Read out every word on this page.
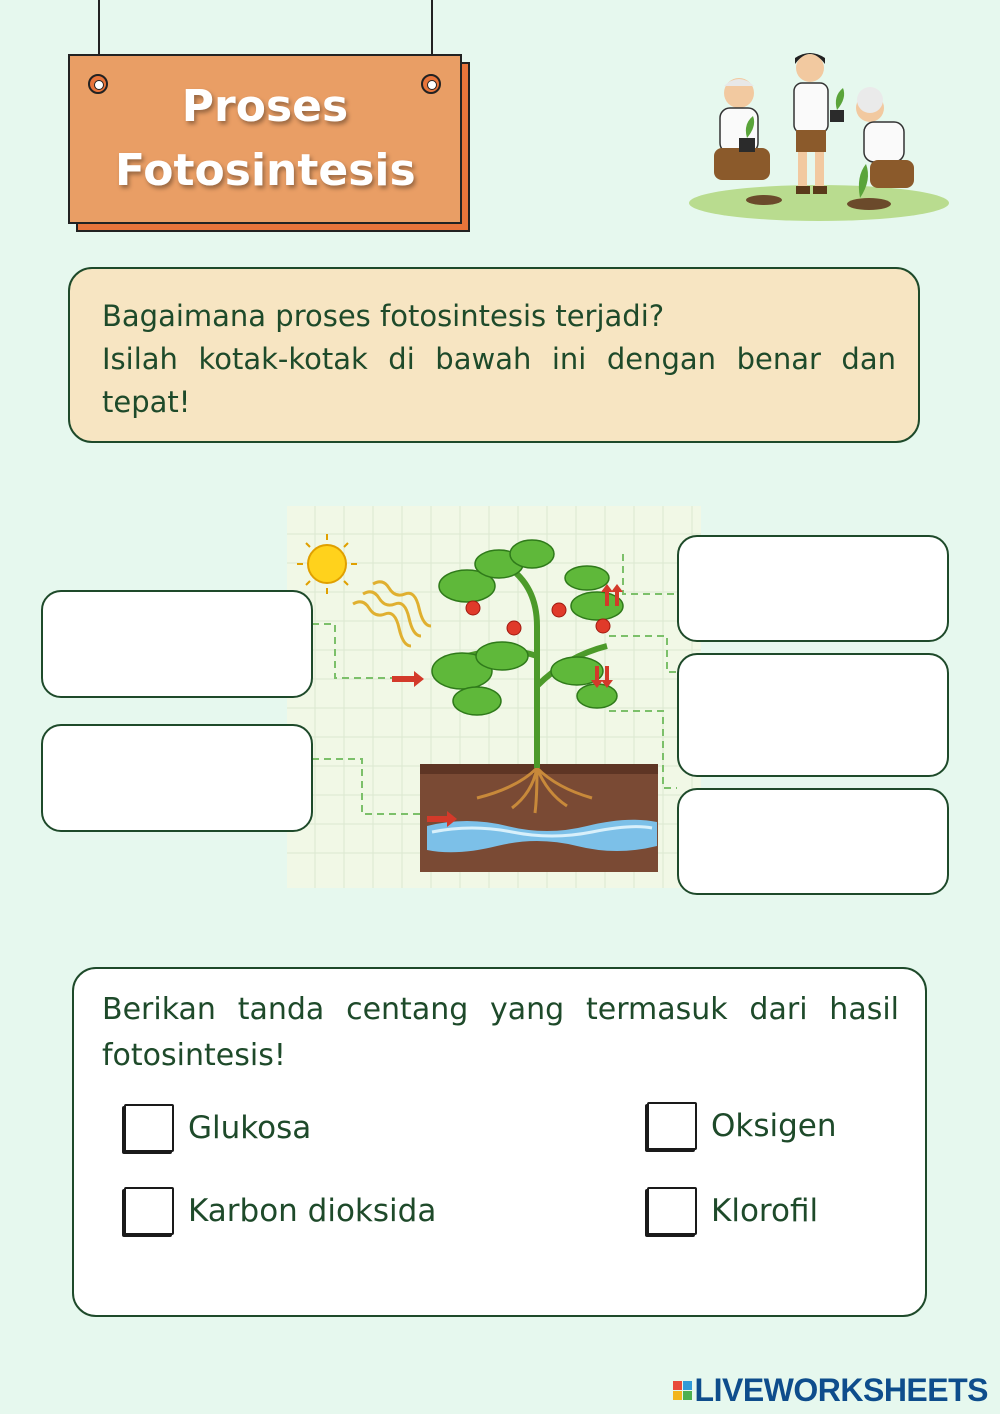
Proses
Fotosintesis

Bagaimana proses fotosintesis terjadi?

Isilah kotak-kotak di bawah ini dengan benar dan tepat!

Berikan tanda centang yang termasuk dari hasil fotosintesis!

Glukosa	Oksigen
Karbon dioksida	Klorofil
LIVEWORKSHEETS
